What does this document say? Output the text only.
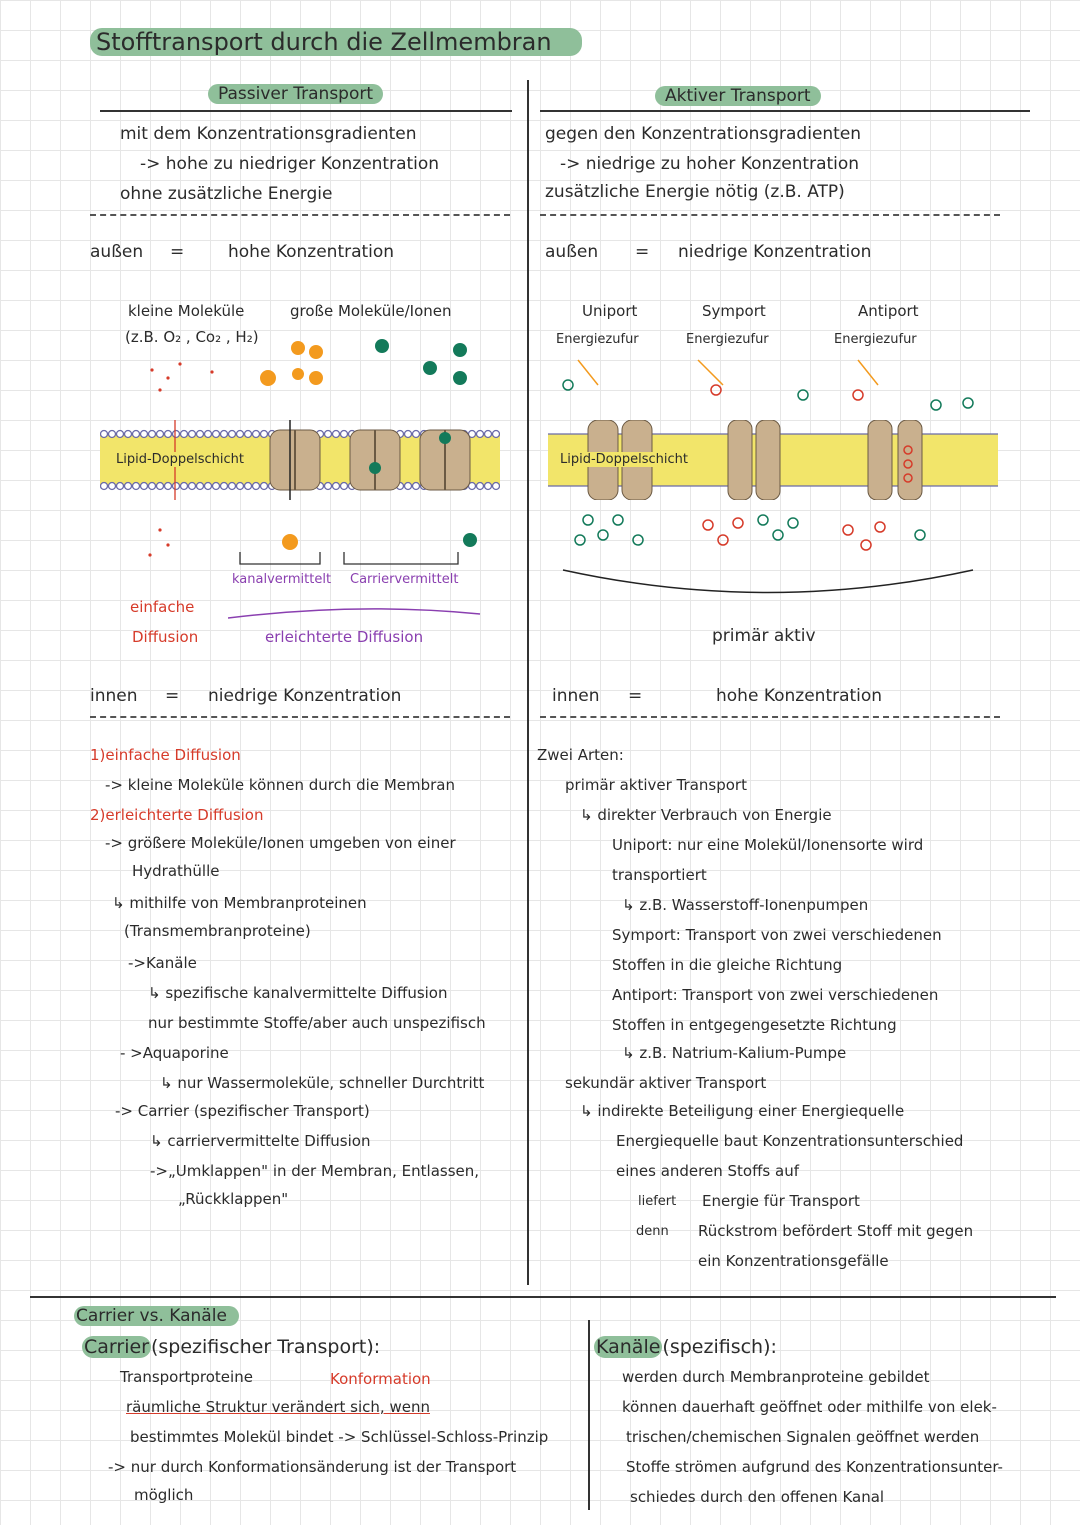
Stofftransport durch die Zellmembran
Passiver Transport
mit dem Konzentrationsgradienten
-> hohe zu niedriger Konzentration
ohne zusätzliche Energie
Aktiver Transport
gegen den Konzentrationsgradienten
-> niedrige zu hoher Konzentration
zusätzliche Energie nötig (z.B. ATP)
außen =	hohe Konzentration	außen = niedrige Konzentration
kleine Moleküle
(z.B. O₂ , Co₂ , H₂)
große Moleküle/Ionen
Lipid-Doppelschicht
kanalvermittelt Carriervermittelt
einfache
Diffusion	erleichterte Diffusion
Uniport	Symport	Antiport
Energiezufur	Energiezufur	Energiezufur
Lipid-Doppelschicht
primär aktiv
innen = niedrige Konzentration	innen =	hohe Konzentration
1)einfache Diffusion
-> kleine Moleküle können durch die Membran
2)erleichterte Diffusion
-> größere Moleküle/Ionen umgeben von einer
Hydrathülle
↳ mithilfe von Membranproteinen
(Transmembranproteine)
->Kanäle
↳ spezifische kanalvermittelte Diffusion
nur bestimmte Stoffe/aber auch unspezifisch
- >Aquaporine
↳ nur Wassermoleküle, schneller Durchtritt
-> Carrier (spezifischer Transport)
↳ carriervermittelte Diffusion
->„Umklappen" in der Membran, Entlassen,
„Rückklappen"
Zwei Arten:
primär aktiver Transport
↳ direkter Verbrauch von Energie
Uniport: nur eine Molekül/Ionensorte wird
transportiert
↳ z.B. Wasserstoff-Ionenpumpen
Symport: Transport von zwei verschiedenen
Stoffen in die gleiche Richtung
Antiport: Transport von zwei verschiedenen
Stoffen in entgegengesetzte Richtung
↳ z.B. Natrium-Kalium-Pumpe
sekundär aktiver Transport
↳ indirekte Beteiligung einer Energiequelle
Energiequelle baut Konzentrationsunterschied
eines anderen Stoffs auf
liefert Energie für Transport
denn Rückstrom befördert Stoff mit gegen
ein Konzentrationsgefälle
Carrier vs. Kanäle
Carrier (spezifischer Transport):
Transportproteine	Konformation
räumliche Struktur verändert sich, wenn
bestimmtes Molekül bindet -> Schlüssel-Schloss-Prinzip
-> nur durch Konformationsänderung ist der Transport
möglich
Kanäle (spezifisch):
werden durch Membranproteine gebildet
können dauerhaft geöffnet oder mithilfe von elek-
trischen/chemischen Signalen geöffnet werden
Stoffe strömen aufgrund des Konzentrationsunter-
schiedes durch den offenen Kanal
